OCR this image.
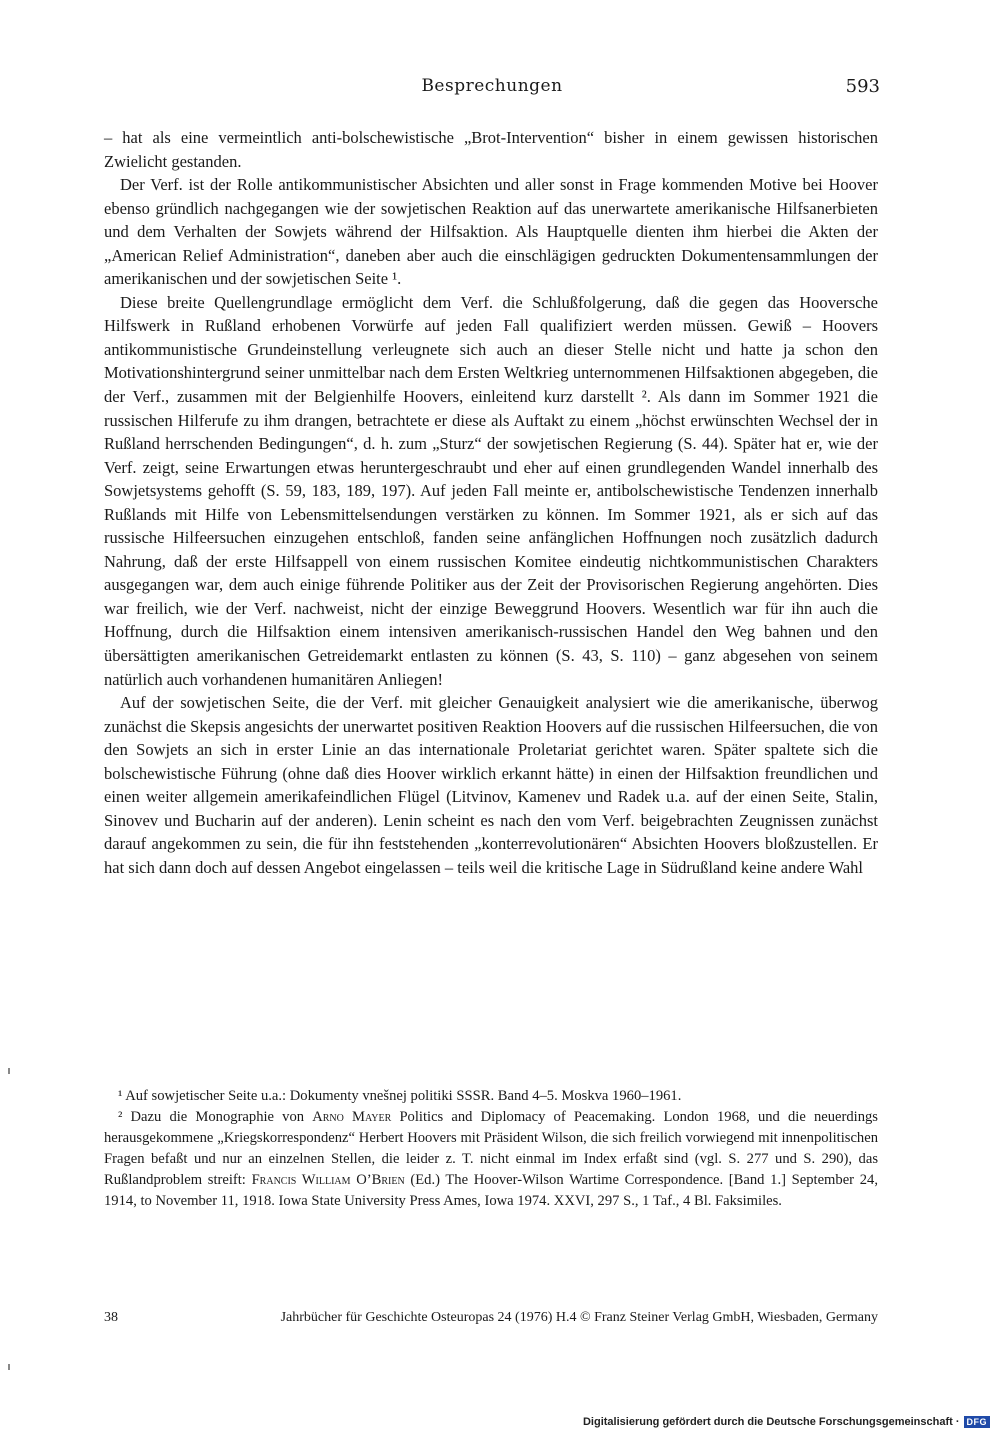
Besprechungen	593

– hat als eine vermeintlich anti-bolschewistische „Brot-Intervention“ bisher in einem gewissen historischen Zwielicht gestanden.

Der Verf. ist der Rolle antikommunistischer Absichten und aller sonst in Frage kommenden Motive bei Hoover ebenso gründlich nachgegangen wie der sowjetischen Reaktion auf das unerwartete amerikanische Hilfsanerbieten und dem Verhalten der Sowjets während der Hilfsaktion. Als Hauptquelle dienten ihm hierbei die Akten der „American Relief Administration“, daneben aber auch die einschlägigen gedruckten Dokumentensammlungen der amerikanischen und der sowjetischen Seite ¹.

Diese breite Quellengrundlage ermöglicht dem Verf. die Schlußfolgerung, daß die gegen das Hooversche Hilfswerk in Rußland erhobenen Vorwürfe auf jeden Fall qualifiziert werden müssen. Gewiß – Hoovers antikommunistische Grundeinstellung verleugnete sich auch an dieser Stelle nicht und hatte ja schon den Motivationshintergrund seiner unmittelbar nach dem Ersten Weltkrieg unternommenen Hilfsaktionen abgegeben, die der Verf., zusammen mit der Belgienhilfe Hoovers, einleitend kurz darstellt ². Als dann im Sommer 1921 die russischen Hilferufe zu ihm drangen, betrachtete er diese als Auftakt zu einem „höchst erwünschten Wechsel der in Rußland herrschenden Bedingungen“, d. h. zum „Sturz“ der sowjetischen Regierung (S. 44). Später hat er, wie der Verf. zeigt, seine Erwartungen etwas heruntergeschraubt und eher auf einen grundlegenden Wandel innerhalb des Sowjetsystems gehofft (S. 59, 183, 189, 197). Auf jeden Fall meinte er, antibolschewistische Tendenzen innerhalb Rußlands mit Hilfe von Lebensmittelsendungen verstärken zu können. Im Sommer 1921, als er sich auf das russische Hilfeersuchen einzugehen entschloß, fanden seine anfänglichen Hoffnungen noch zusätzlich dadurch Nahrung, daß der erste Hilfsappell von einem russischen Komitee eindeutig nichtkommunistischen Charakters ausgegangen war, dem auch einige führende Politiker aus der Zeit der Provisorischen Regierung angehörten. Dies war freilich, wie der Verf. nachweist, nicht der einzige Beweggrund Hoovers. Wesentlich war für ihn auch die Hoffnung, durch die Hilfsaktion einem intensiven amerikanisch-russischen Handel den Weg bahnen und den übersättigten amerikanischen Getreidemarkt entlasten zu können (S. 43, S. 110) – ganz abgesehen von seinem natürlich auch vorhandenen humanitären Anliegen!

Auf der sowjetischen Seite, die der Verf. mit gleicher Genauigkeit analysiert wie die amerikanische, überwog zunächst die Skepsis angesichts der unerwartet positiven Reaktion Hoovers auf die russischen Hilfeersuchen, die von den Sowjets an sich in erster Linie an das internationale Proletariat gerichtet waren. Später spaltete sich die bolschewistische Führung (ohne daß dies Hoover wirklich erkannt hätte) in einen der Hilfsaktion freundlichen und einen weiter allgemein amerikafeindlichen Flügel (Litvinov, Kamenev und Radek u.a. auf der einen Seite, Stalin, Sinovev und Bucharin auf der anderen). Lenin scheint es nach den vom Verf. beigebrachten Zeugnissen zunächst darauf angekommen zu sein, die für ihn feststehenden „konterrevolutionären“ Absichten Hoovers bloßzustellen. Er hat sich dann doch auf dessen Angebot eingelassen – teils weil die kritische Lage in Südrußland keine andere Wahl

¹ Auf sowjetischer Seite u.a.: Dokumenty vnešnej politiki SSSR. Band 4–5. Moskva 1960–1961.

² Dazu die Monographie von Arno Mayer Politics and Diplomacy of Peacemaking. London 1968, und die neuerdings herausgekommene „Kriegskorrespondenz“ Herbert Hoovers mit Präsident Wilson, die sich freilich vorwiegend mit innenpolitischen Fragen befaßt und nur an einzelnen Stellen, die leider z. T. nicht einmal im Index erfaßt sind (vgl. S. 277 und S. 290), das Rußlandproblem streift: Francis William O’Brien (Ed.) The Hoover-Wilson Wartime Correspondence. [Band 1.] September 24, 1914, to November 11, 1918. Iowa State University Press Ames, Iowa 1974. XXVI, 297 S., 1 Taf., 4 Bl. Faksimiles.

38	Jahrbücher für Geschichte Osteuropas 24 (1976) H.4 © Franz Steiner Verlag GmbH, Wiesbaden, Germany
Digitalisierung gefördert durch die Deutsche Forschungsgemeinschaft · DFG
